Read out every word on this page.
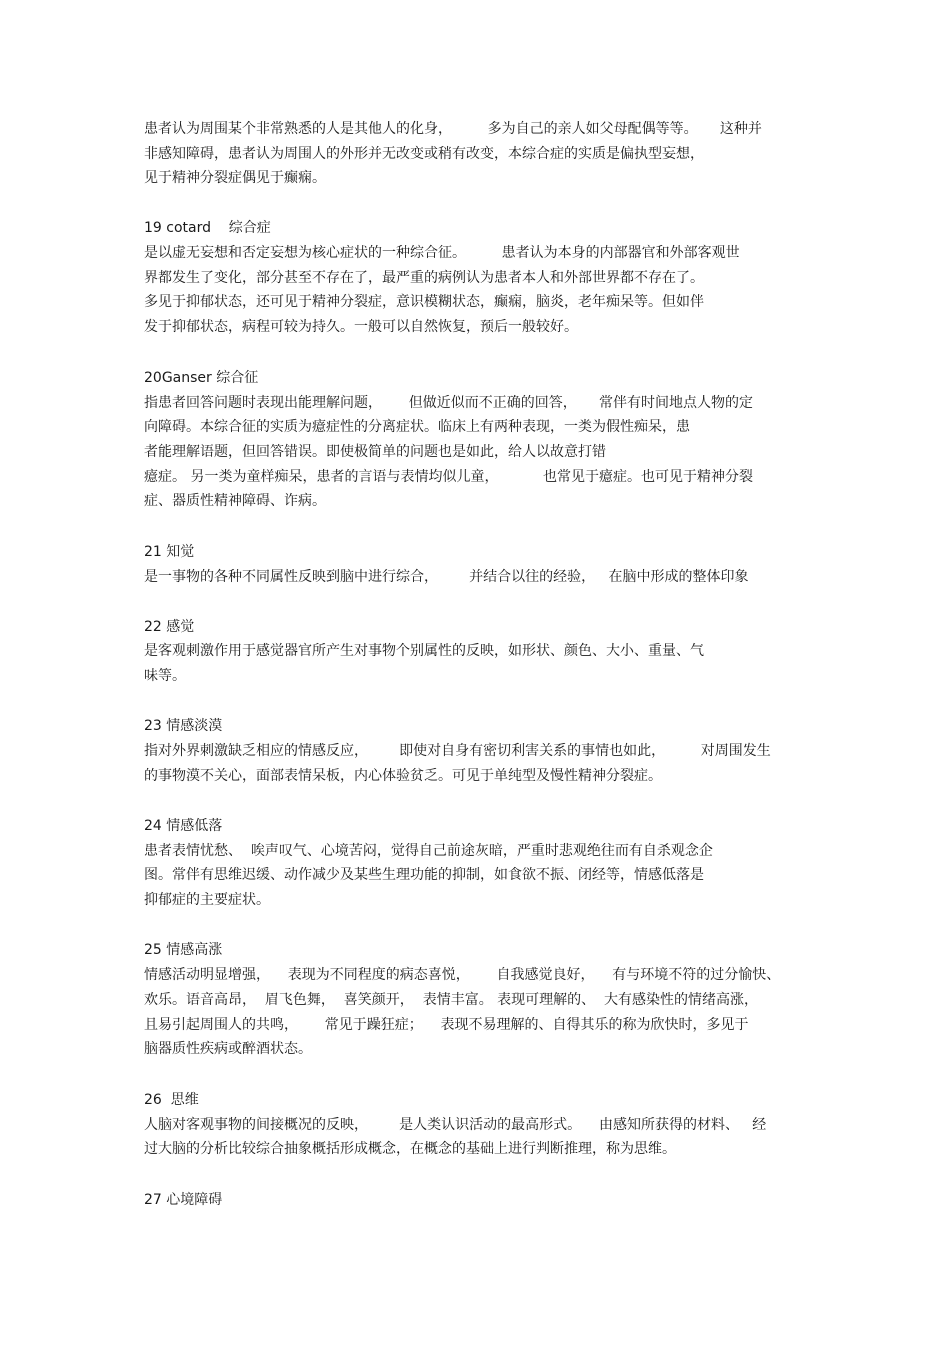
患者认为周围某个非常熟悉的人是其他人的化身，        多为自己的亲人如父母配偶等等。     这种并
非感知障碍，患者认为周围人的外形并无改变或稍有改变，本综合症的实质是偏执型妄想，
见于精神分裂症偶见于癫痫。
19 cotard    综合症
是以虚无妄想和否定妄想为核心症状的一种综合征。        患者认为本身的内部器官和外部客观世
界都发生了变化，部分甚至不存在了，最严重的病例认为患者本人和外部世界都不存在了。
多见于抑郁状态，还可见于精神分裂症，意识模糊状态，癫痫，脑炎，老年痴呆等。但如伴
发于抑郁状态，病程可较为持久。一般可以自然恢复，预后一般较好。
20Ganser 综合征
指患者回答问题时表现出能理解问题，      但做近似而不正确的回答，     常伴有时间地点人物的定
向障碍。本综合征的实质为癔症性的分离症状。临床上有两种表现，一类为假性痴呆，患
者能理解语题，但回答错误。即使极简单的问题也是如此，给人以故意打错
癔症。 另一类为童样痴呆，患者的言语与表情均似儿童，          也常见于癔症。也可见于精神分裂
症、器质性精神障碍、诈病。
21 知觉
是一事物的各种不同属性反映到脑中进行综合，       并结合以往的经验，   在脑中形成的整体印象
22 感觉
是客观刺激作用于感觉器官所产生对事物个别属性的反映，如形状、颜色、大小、重量、气
味等。
23 情感淡漠
指对外界刺激缺乏相应的情感反应，       即使对自身有密切利害关系的事情也如此，        对周围发生
的事物漠不关心，面部表情呆板，内心体验贫乏。可见于单纯型及慢性精神分裂症。
24 情感低落
患者表情忧愁、  唉声叹气、心境苦闷，觉得自己前途灰暗，严重时悲观绝往而有自杀观念企
图。常伴有思维迟缓、动作减少及某些生理功能的抑制，如食欲不振、闭经等，情感低落是
抑郁症的主要症状。
25 情感高涨
情感活动明显增强，    表现为不同程度的病态喜悦，      自我感觉良好，    有与环境不符的过分愉快、
欢乐。语音高昂，  眉飞色舞，  喜笑颜开，  表情丰富。 表现可理解的、  大有感染性的情绪高涨，
且易引起周围人的共鸣，      常见于躁狂症；    表现不易理解的、自得其乐的称为欣快时，多见于
脑器质性疾病或醉酒状态。
26  思维
人脑对客观事物的间接概况的反映，       是人类认识活动的最高形式。    由感知所获得的材料、   经
过大脑的分析比较综合抽象概括形成概念，在概念的基础上进行判断推理，称为思维。
27 心境障碍
